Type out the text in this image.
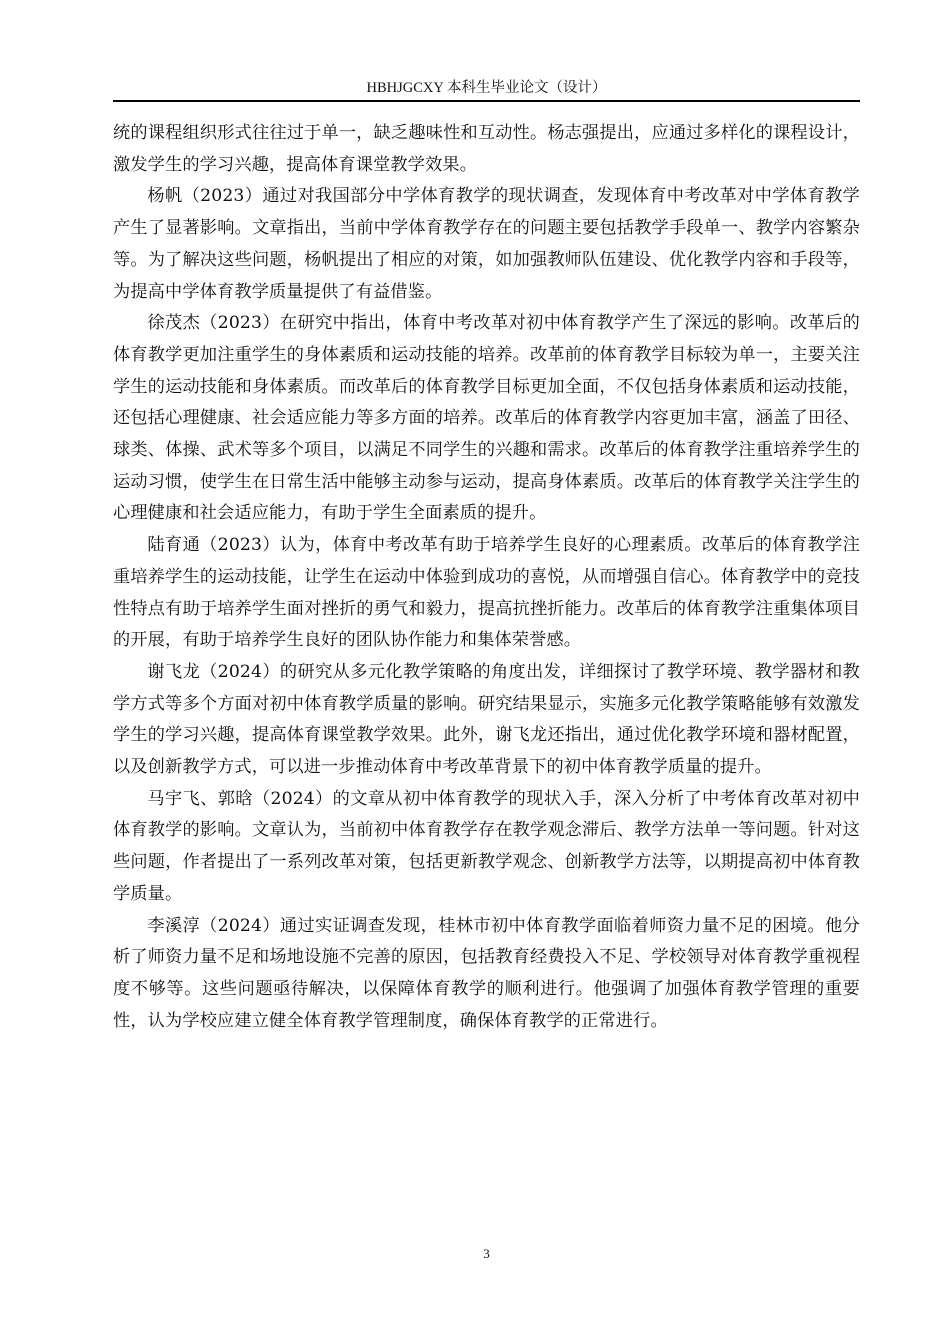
HBHJGCXY 本科生毕业论文（设计）

统的课程组织形式往往过于单一，缺乏趣味性和互动性。杨志强提出，应通过多样化的课程设计，激发学生的学习兴趣，提高体育课堂教学效果。

杨帆（2023）通过对我国部分中学体育教学的现状调查，发现体育中考改革对中学体育教学产生了显著影响。文章指出，当前中学体育教学存在的问题主要包括教学手段单一、教学内容繁杂等。为了解决这些问题，杨帆提出了相应的对策，如加强教师队伍建设、优化教学内容和手段等，为提高中学体育教学质量提供了有益借鉴。

徐茂杰（2023）在研究中指出，体育中考改革对初中体育教学产生了深远的影响。改革后的体育教学更加注重学生的身体素质和运动技能的培养。改革前的体育教学目标较为单一，主要关注学生的运动技能和身体素质。而改革后的体育教学目标更加全面，不仅包括身体素质和运动技能，还包括心理健康、社会适应能力等多方面的培养。改革后的体育教学内容更加丰富，涵盖了田径、球类、体操、武术等多个项目，以满足不同学生的兴趣和需求。改革后的体育教学注重培养学生的运动习惯，使学生在日常生活中能够主动参与运动，提高身体素质。改革后的体育教学关注学生的心理健康和社会适应能力，有助于学生全面素质的提升。

陆育通（2023）认为，体育中考改革有助于培养学生良好的心理素质。改革后的体育教学注重培养学生的运动技能，让学生在运动中体验到成功的喜悦，从而增强自信心。体育教学中的竞技性特点有助于培养学生面对挫折的勇气和毅力，提高抗挫折能力。改革后的体育教学注重集体项目的开展，有助于培养学生良好的团队协作能力和集体荣誉感。

谢飞龙（2024）的研究从多元化教学策略的角度出发，详细探讨了教学环境、教学器材和教学方式等多个方面对初中体育教学质量的影响。研究结果显示，实施多元化教学策略能够有效激发学生的学习兴趣，提高体育课堂教学效果。此外，谢飞龙还指出，通过优化教学环境和器材配置，以及创新教学方式，可以进一步推动体育中考改革背景下的初中体育教学质量的提升。

马宇飞、郭晗（2024）的文章从初中体育教学的现状入手，深入分析了中考体育改革对初中体育教学的影响。文章认为，当前初中体育教学存在教学观念滞后、教学方法单一等问题。针对这些问题，作者提出了一系列改革对策，包括更新教学观念、创新教学方法等，以期提高初中体育教学质量。

李溪淳（2024）通过实证调查发现，桂林市初中体育教学面临着师资力量不足的困境。他分析了师资力量不足和场地设施不完善的原因，包括教育经费投入不足、学校领导对体育教学重视程度不够等。这些问题亟待解决，以保障体育教学的顺利进行。他强调了加强体育教学管理的重要性，认为学校应建立健全体育教学管理制度，确保体育教学的正常进行。

3
